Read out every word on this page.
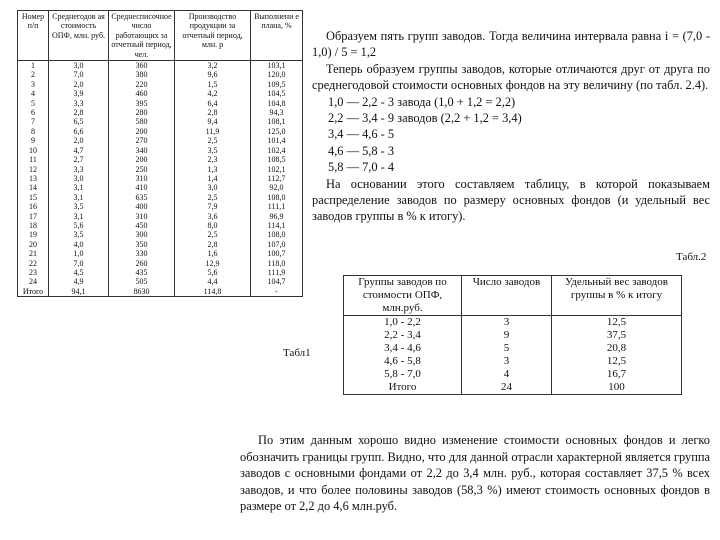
Номер п/п	Среднегодов ая стоимость ОПФ, млн. руб.	Среднесписочное число работающих за отчетный период, чел.	Производство продукции за отчетный период, млн. р	Выполнени е плана, %
1	3,0	360	3,2	103,1
2	7,0	380	9,6	120,0
3	2,0	220	1,5	109,5
4	3,9	460	4,2	104,5
5	3,3	395	6,4	104,8
6	2,8	280	2,8	94,3
7	6,5	580	9,4	108,1
8	6,6	200	11,9	125,0
9	2,0	270	2,5	101,4
10	4,7	340	3,5	102,4
11	2,7	200	2,3	108,5
12	3,3	250	1,3	102,1
13	3,0	310	1,4	112,7
14	3,1	410	3,0	92,0
15	3,1	635	2,5	108,0
16	3,5	400	7,9	111,1
17	3,1	310	3,6	96,9
18	5,6	450	8,0	114,1
19	3,5	300	2,5	108,0
20	4,0	350	2,8	107,0
21	1,0	330	1,6	100,7
22	7,0	260	12,9	118,0
23	4,5	435	5,6	111,9
24	4,9	505	4,4	104,7
Итого	94,1	8630	114,8	-
Табл1

Образуем пять групп заводов. Тогда величина интервала равна i = (7,0 - 1,0) / 5 = 1,2

Теперь образуем группы заводов, которые отличаются друг от друга по среднегодовой стоимости основных фондов на эту величину (по табл. 2.4).

1,0 — 2,2 - 3 завода (1,0 + 1,2 = 2,2)

2,2 — 3,4 - 9 заводов (2,2 + 1,2 = 3,4)

3,4 — 4,6 - 5

4,6 — 5,8 - 3

5,8 — 7,0 - 4

На основании этого составляем таблицу, в которой показываем распределение заводов по размеру основных фондов (и удельный вес заводов группы в % к итогу).

Табл.2
Группы заводов по стоимости ОПФ, млн.руб.	Число заводов	Удельный вес заводов группы в % к итогу
1,0 - 2,2	3	12,5
2,2 - 3,4	9	37,5
3,4 - 4,6	5	20,8
4,6 - 5,8	3	12,5
5,8 - 7,0	4	16,7
Итого	24	100

По этим данным хорошо видно изменение стоимости основных фондов и легко обозначить границы групп. Видно, что для данной отрасли характерной является группа заводов с основными фондами от 2,2 до 3,4 млн. руб., которая составляет 37,5 % всех заводов, и что более половины заводов (58,3 %) имеют стоимость основных фондов в размере от 2,2 до 4,6 млн.руб.
